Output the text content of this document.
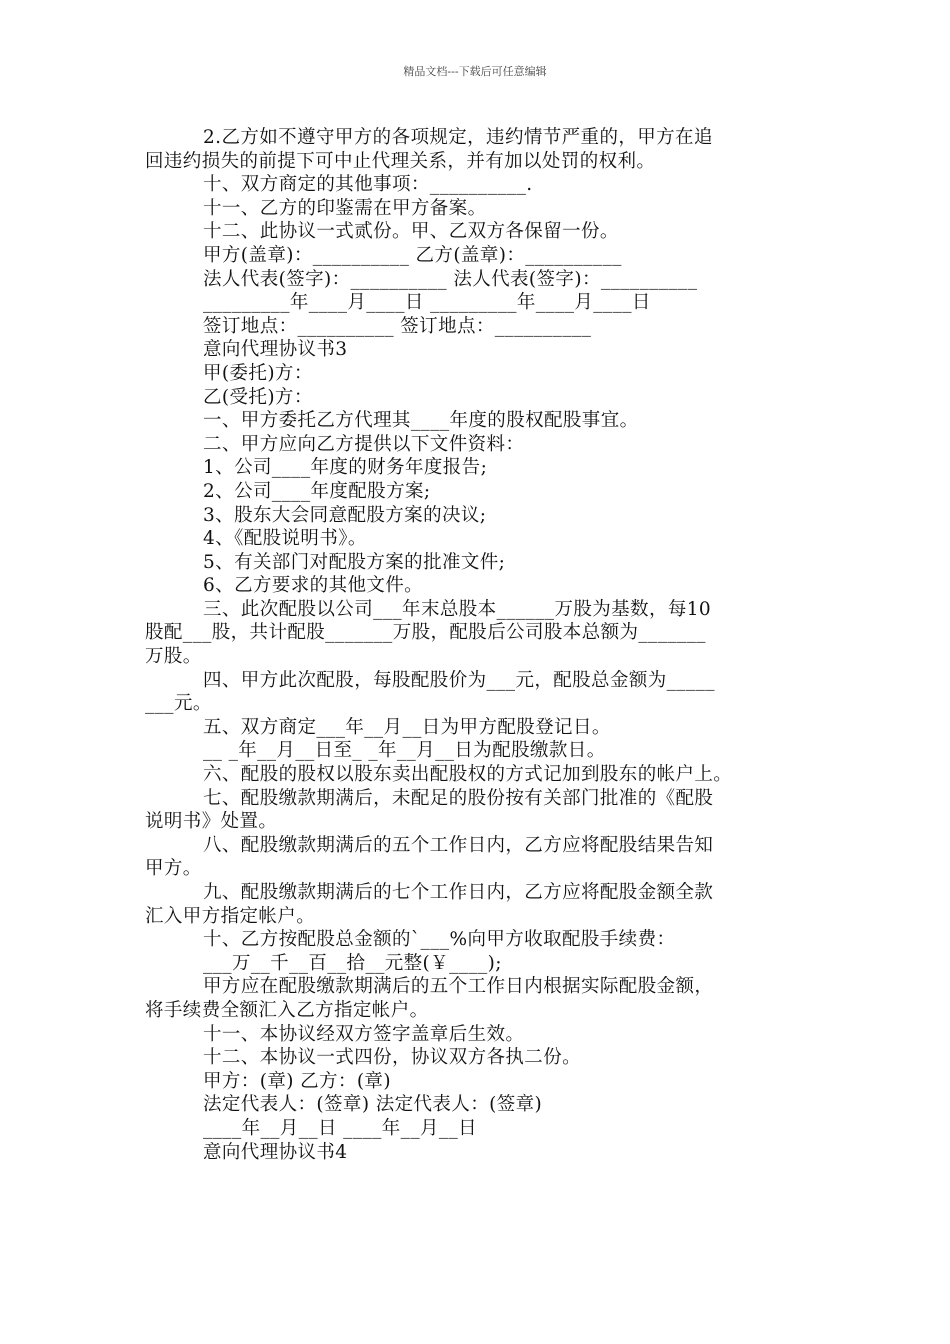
精品文档---下载后可任意编辑
2.乙方如不遵守甲方的各项规定，违约情节严重的，甲方在追
回违约损失的前提下可中止代理关系，并有加以处罚的权利。
十、双方商定的其他事项：__________.
十一、乙方的印鉴需在甲方备案。
十二、此协议一式贰份。甲、乙双方各保留一份。
甲方(盖章)：__________ 乙方(盖章)：__________
法人代表(签字)：__________ 法人代表(签字)：__________
_________年____月____日 _________年____月____日
签订地点：__________ 签订地点：__________
意向代理协议书3
甲(委托)方：
乙(受托)方：
一、甲方委托乙方代理其____年度的股权配股事宜。
二、甲方应向乙方提供以下文件资料：
1、公司____年度的财务年度报告;
2、公司____年度配股方案;
3、股东大会同意配股方案的决议;
4、《配股说明书》。
5、有关部门对配股方案的批准文件;
6、乙方要求的其他文件。
三、此次配股以公司___年末总股本______万股为基数，每10
股配___股，共计配股_______万股，配股后公司股本总额为_______
万股。
四、甲方此次配股，每股配股价为___元，配股总金额为_____
___元。
五、双方商定___年__月__日为甲方配股登记日。
__ _年__月__日至_ _年__月__日为配股缴款日。
六、配股的股权以股东卖出配股权的方式记加到股东的帐户上。
七、配股缴款期满后，未配足的股份按有关部门批准的《配股
说明书》处置。
八、配股缴款期满后的五个工作日内，乙方应将配股结果告知
甲方。
九、配股缴款期满后的七个工作日内，乙方应将配股金额全款
汇入甲方指定帐户。
十、乙方按配股总金额的`___%向甲方收取配股手续费：
___万__千__百__拾__元整(￥____);
甲方应在配股缴款期满后的五个工作日内根据实际配股金额，
将手续费全额汇入乙方指定帐户。
十一、本协议经双方签字盖章后生效。
十二、本协议一式四份，协议双方各执二份。
甲方：(章) 乙方：(章)
法定代表人：(签章) 法定代表人：(签章)
____年__月__日 ____年__月__日
意向代理协议书4
